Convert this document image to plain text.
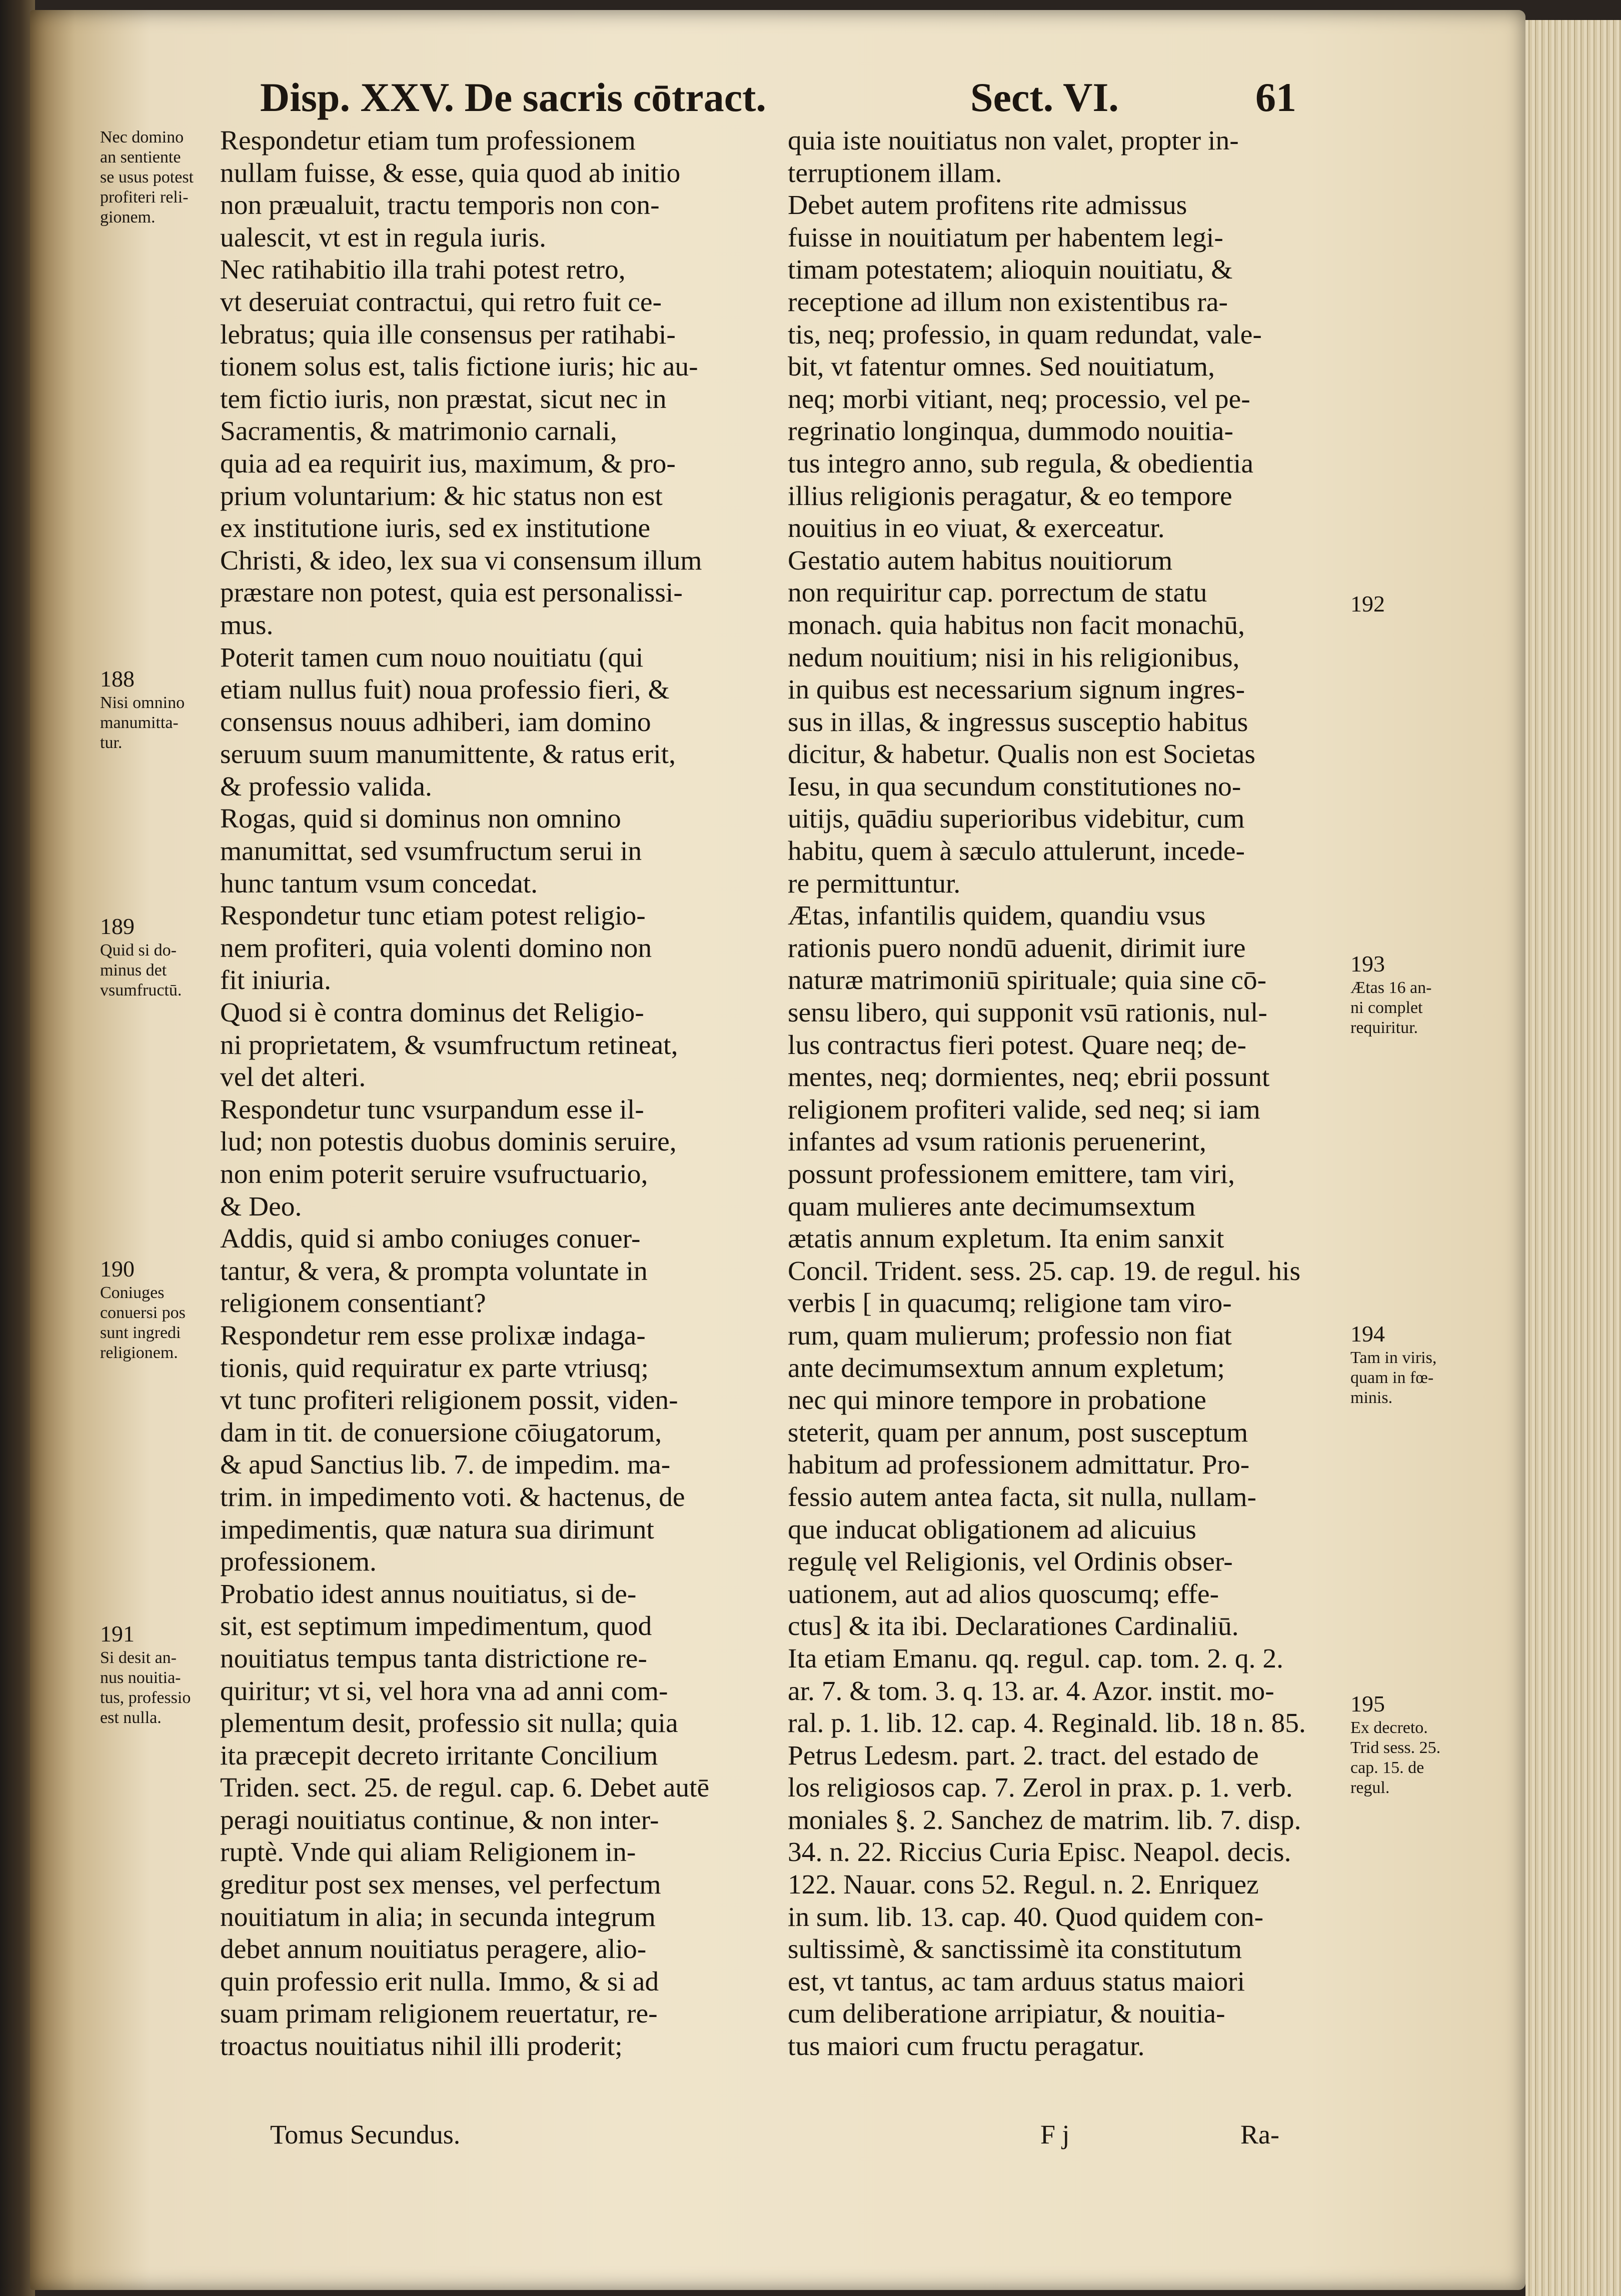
Disp. XXV. De sacris cōtract.	Sect. VI.	61
Nec domino
an sentiente
se usus potest
profiteri reli-
gionem.
188
Nisi omnino
manumitta-
tur.
189
Quid si do-
minus det
vsumfructū.
190
Coniuges
conuersi pos
sunt ingredi
religionem.
191
Si desit an-
nus nouitia-
tus, professio
est nulla.
192
193
Ætas 16 an-
ni complet
requiritur.
194
Tam in viris,
quam in fœ-
minis.
195
Ex decreto.
Trid sess. 25.
cap. 15. de
regul.
Respondetur etiam tum professionem
nullam fuisse, & esse, quia quod ab initio
non præualuit, tractu temporis non con-
ualescit, vt est in regula iuris.
Nec ratihabitio illa trahi potest retro,
vt deseruiat contractui, qui retro fuit ce-
lebratus; quia ille consensus per ratihabi-
tionem solus est, talis fictione iuris; hic au-
tem fictio iuris, non præstat, sicut nec in
Sacramentis, & matrimonio carnali,
quia ad ea requirit ius, maximum, & pro-
prium voluntarium: & hic status non est
ex institutione iuris, sed ex institutione
Christi, & ideo, lex sua vi consensum illum
præstare non potest, quia est personalissi-
mus.
Poterit tamen cum nouo nouitiatu (qui
etiam nullus fuit) noua professio fieri, &
consensus nouus adhiberi, iam domino
seruum suum manumittente, & ratus erit,
& professio valida.
Rogas, quid si dominus non omnino
manumittat, sed vsumfructum serui in
hunc tantum vsum concedat.
Respondetur tunc etiam potest religio-
nem profiteri, quia volenti domino non
fit iniuria.
Quod si è contra dominus det Religio-
ni proprietatem, & vsumfructum retineat,
vel det alteri.
Respondetur tunc vsurpandum esse il-
lud; non potestis duobus dominis seruire,
non enim poterit seruire vsufructuario,
& Deo.
Addis, quid si ambo coniuges conuer-
tantur, & vera, & prompta voluntate in
religionem consentiant?
Respondetur rem esse prolixæ indaga-
tionis, quid requiratur ex parte vtriusq;
vt tunc profiteri religionem possit, viden-
dam in tit. de conuersione cōiugatorum,
& apud Sanctius lib. 7. de impedim. ma-
trim. in impedimento voti. & hactenus, de
impedimentis, quæ natura sua dirimunt
professionem.
Probatio idest annus nouitiatus, si de-
sit, est septimum impedimentum, quod
nouitiatus tempus tanta districtione re-
quiritur; vt si, vel hora vna ad anni com-
plementum desit, professio sit nulla; quia
ita præcepit decreto irritante Concilium
Triden. sect. 25. de regul. cap. 6. Debet autē
peragi nouitiatus continue, & non inter-
ruptè. Vnde qui aliam Religionem in-
greditur post sex menses, vel perfectum
nouitiatum in alia; in secunda integrum
debet annum nouitiatus peragere, alio-
quin professio erit nulla. Immo, & si ad
suam primam religionem reuertatur, re-
troactus nouitiatus nihil illi proderit;
quia iste nouitiatus non valet, propter in-
terruptionem illam.
Debet autem profitens rite admissus
fuisse in nouitiatum per habentem legi-
timam potestatem; alioquin nouitiatu, &
receptione ad illum non existentibus ra-
tis, neq; professio, in quam redundat, vale-
bit, vt fatentur omnes. Sed nouitiatum,
neq; morbi vitiant, neq; processio, vel pe-
regrinatio longinqua, dummodo nouitia-
tus integro anno, sub regula, & obedientia
illius religionis peragatur, & eo tempore
nouitius in eo viuat, & exerceatur.
Gestatio autem habitus nouitiorum
non requiritur cap. porrectum de statu
monach. quia habitus non facit monachū,
nedum nouitium; nisi in his religionibus,
in quibus est necessarium signum ingres-
sus in illas, & ingressus susceptio habitus
dicitur, & habetur. Qualis non est Societas
Iesu, in qua secundum constitutiones no-
uitijs, quādiu superioribus videbitur, cum
habitu, quem à sæculo attulerunt, incede-
re permittuntur.
Ætas, infantilis quidem, quandiu vsus
rationis puero nondū aduenit, dirimit iure
naturæ matrimoniū spirituale; quia sine cō-
sensu libero, qui supponit vsū rationis, nul-
lus contractus fieri potest. Quare neq; de-
mentes, neq; dormientes, neq; ebrii possunt
religionem profiteri valide, sed neq; si iam
infantes ad vsum rationis peruenerint,
possunt professionem emittere, tam viri,
quam mulieres ante decimumsextum
ætatis annum expletum. Ita enim sanxit
Concil. Trident. sess. 25. cap. 19. de regul. his
verbis [ in quacumq; religione tam viro-
rum, quam mulierum; professio non fiat
ante decimumsextum annum expletum;
nec qui minore tempore in probatione
steterit, quam per annum, post susceptum
habitum ad professionem admittatur. Pro-
fessio autem antea facta, sit nulla, nullam-
que inducat obligationem ad alicuius
regulę vel Religionis, vel Ordinis obser-
uationem, aut ad alios quoscumq; effe-
ctus] & ita ibi. Declarationes Cardinaliū.
Ita etiam Emanu. qq. regul. cap. tom. 2. q. 2.
ar. 7. & tom. 3. q. 13. ar. 4. Azor. instit. mo-
ral. p. 1. lib. 12. cap. 4. Reginald. lib. 18 n. 85.
Petrus Ledesm. part. 2. tract. del estado de
los religiosos cap. 7. Zerol in prax. p. 1. verb.
moniales §. 2. Sanchez de matrim. lib. 7. disp.
34. n. 22. Riccius Curia Episc. Neapol. decis.
122. Nauar. cons 52. Regul. n. 2. Enriquez
in sum. lib. 13. cap. 40. Quod quidem con-
sultissimè, & sanctissimè ita constitutum
est, vt tantus, ac tam arduus status maiori
cum deliberatione arripiatur, & nouitia-
tus maiori cum fructu peragatur.
Tomus Secundus.	F j	Ra-
